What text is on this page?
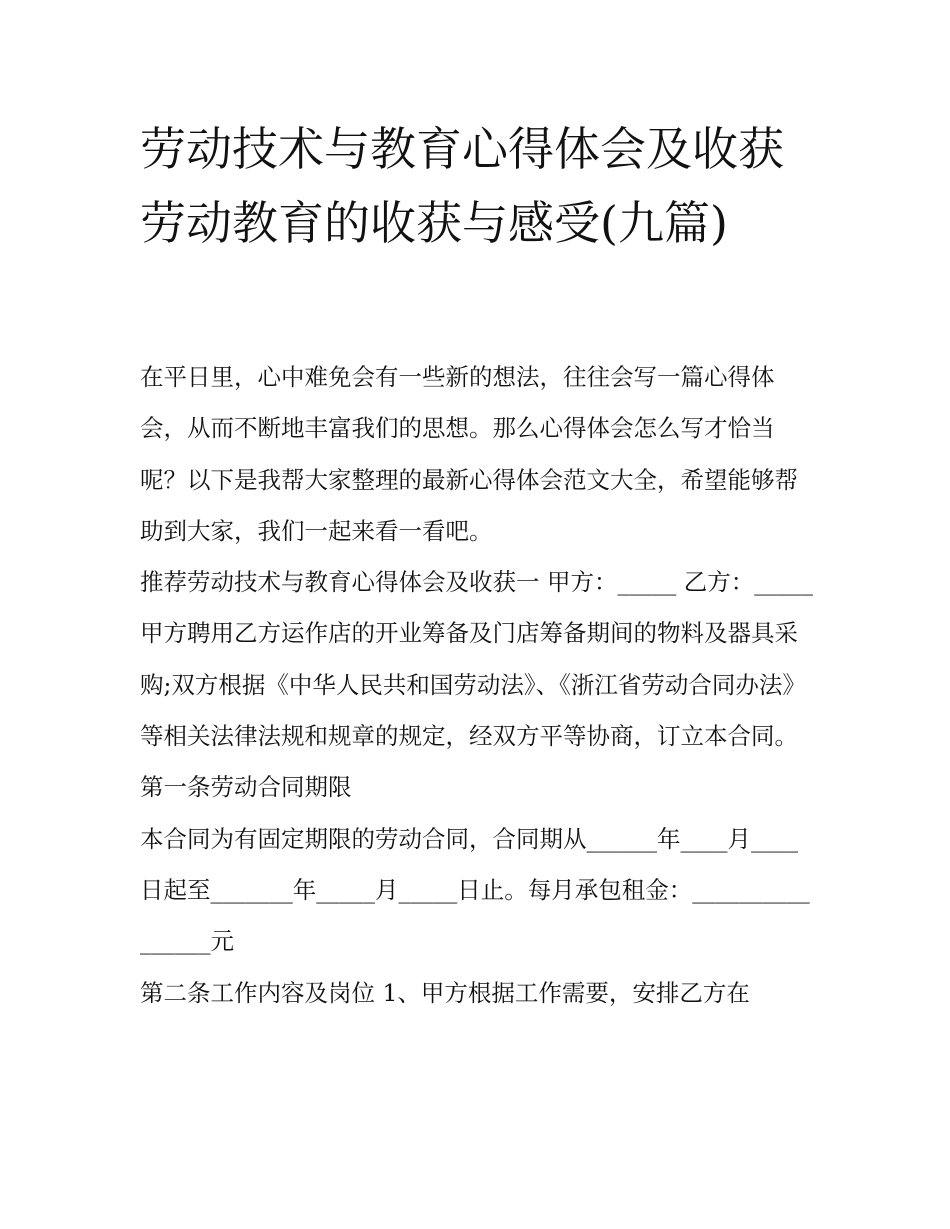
劳动技术与教育心得体会及收获 劳动教育的收获与感受(九篇)

在平日里，心中难免会有一些新的想法，往往会写一篇心得体会，从而不断地丰富我们的思想。那么心得体会怎么写才恰当呢？以下是我帮大家整理的最新心得体会范文大全，希望能够帮助到大家，我们一起来看一看吧。

推荐劳动技术与教育心得体会及收获一 甲方：_____ 乙方：_____

甲方聘用乙方运作店的开业筹备及门店筹备期间的物料及器具采购;双方根据《中华人民共和国劳动法》、《浙江省劳动合同办法》等相关法律法规和规章的规定，经双方平等协商，订立本合同。

第一条劳动合同期限

本合同为有固定期限的劳动合同，合同期从______年____月____日起至_______年_____月_____日止。每月承包租金：________________元

第二条工作内容及岗位 1、甲方根据工作需要，安排乙方在
